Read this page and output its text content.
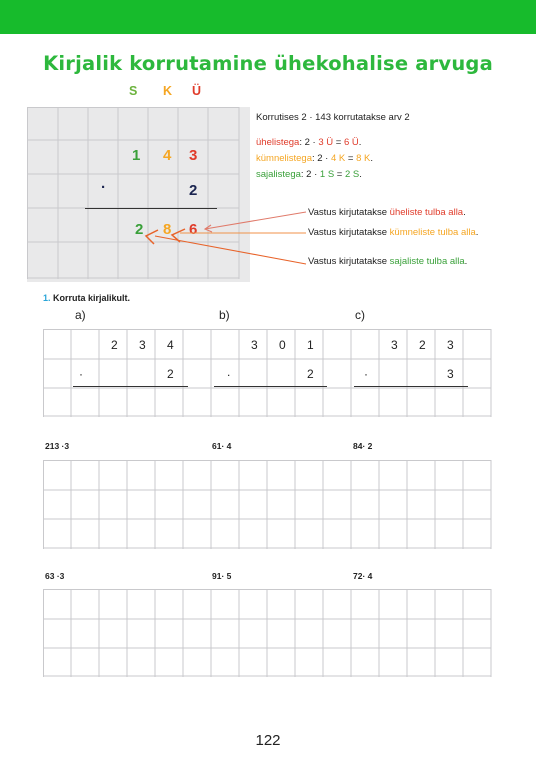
Kirjalik korrutamine ühekohalise arvuga
S K Ü
1 4 3
·	2
2 8 6
Korrutises 2 · 143 korrutatakse arv 2
ühelistega: 2 · 3 Ü = 6 Ü.
kümnelistega: 2 · 4 K = 8 K.
sajalistega: 2 · 1 S = 2 S.
Vastus kirjutatakse üheliste tulba alla.
Vastus kirjutatakse kümneliste tulba alla.
Vastus kirjutatakse sajaliste tulba alla.
1. Korruta kirjalikult.
a)	b)	c)
2 3 4
·	2
3 0 1
.	2
3 2 3
·	3
213 ·3	61· 4	84· 2
63 ·3	91· 5	72· 4
122
